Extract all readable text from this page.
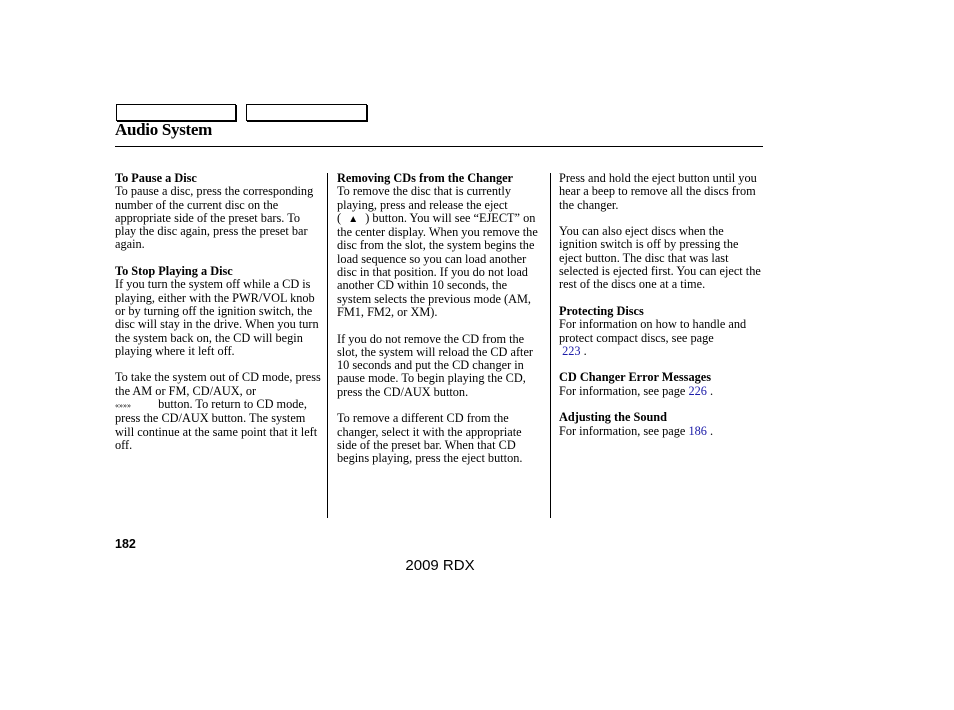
Audio System

To Pause a Disc
To pause a disc, press the corresponding number of the current disc on the appropriate side of the preset bars. To play the disc again, press the preset bar again.

To Stop Playing a Disc
If you turn the system off while a CD is playing, either with the PWR/VOL knob or by turning off the ignition switch, the disc will stay in the drive. When you turn the system back on, the CD will begin playing where it left off.

To take the system out of CD mode, press the AM or FM, CD/AUX, or
«»»» button. To return to CD mode, press the CD/AUX button. The system will continue at the same point that it left off.

Removing CDs from the Changer
To remove the disc that is currently playing, press and release the eject
( ▲ ) button. You will see “EJECT” on the center display. When you remove the disc from the slot, the system begins the load sequence so you can load another disc in that position. If you do not load another CD within 10 seconds, the system selects the previous mode (AM, FM1, FM2, or XM).

If you do not remove the CD from the slot, the system will reload the CD after 10 seconds and put the CD changer in pause mode. To begin playing the CD, press the CD/AUX button.

To remove a different CD from the changer, select it with the appropriate side of the preset bar. When that CD begins playing, press the eject button.

Press and hold the eject button until you hear a beep to remove all the discs from the changer.

You can also eject discs when the ignition switch is off by pressing the eject button. The disc that was last selected is ejected first. You can eject the rest of the discs one at a time.

Protecting Discs
For information on how to handle and protect compact discs, see page
223 .

CD Changer Error Messages
For information, see page 226 .

Adjusting the Sound
For information, see page 186 .

182
2009 RDX
